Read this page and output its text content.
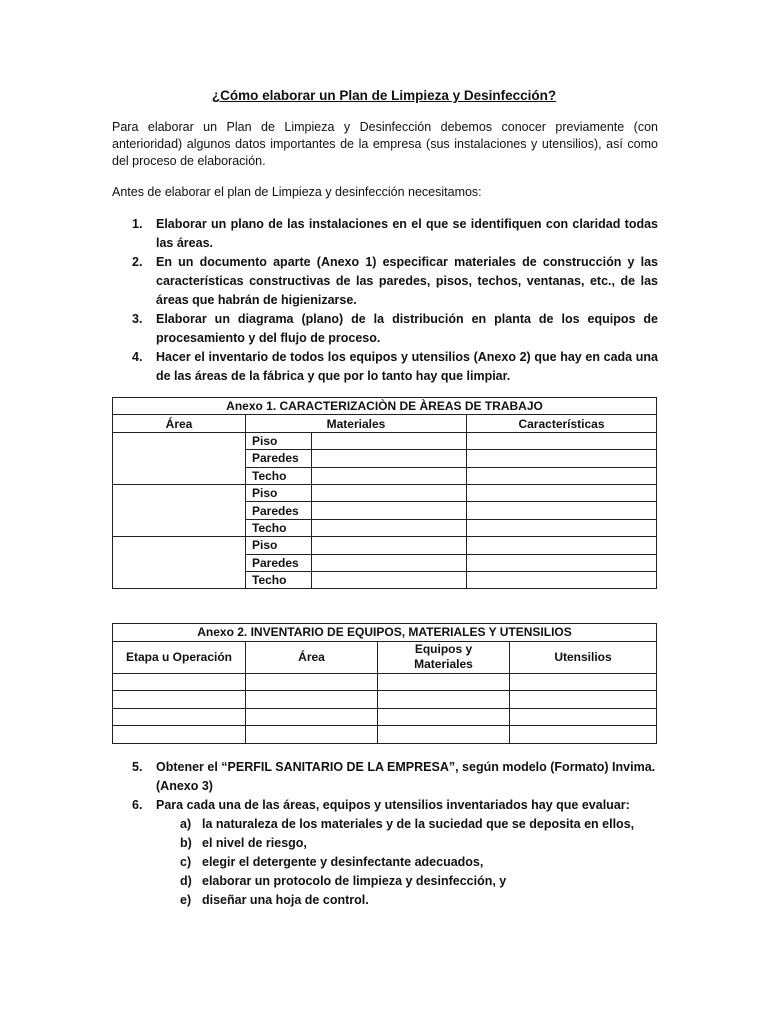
¿Cómo elaborar un Plan de Limpieza y Desinfección?

Para elaborar un Plan de Limpieza y Desinfección debemos conocer previamente (con anterioridad) algunos datos importantes de la empresa (sus instalaciones y utensilios), así como del proceso de elaboración.

Antes de elaborar el plan de Limpieza y desinfección necesitamos:

1. Elaborar un plano de las instalaciones en el que se identifiquen con claridad todas las áreas.
2. En un documento aparte (Anexo 1) especificar materiales de construcción y las características constructivas de las paredes, pisos, techos, ventanas, etc., de las áreas que habrán de higienizarse.
3. Elaborar un diagrama (plano) de la distribución en planta de los equipos de procesamiento y del flujo de proceso.
4. Hacer el inventario de todos los equipos y utensilios (Anexo 2) que hay en cada una de las áreas de la fábrica y que por lo tanto hay que limpiar.
Anexo 1. CARACTERIZACIÒN DE ÀREAS DE TRABAJO			
Área	Materiales		Características
	Piso		
	Paredes		
	Techo		
	Piso		
	Paredes		
	Techo		
	Piso		
	Paredes		
	Techo		
Anexo 2. INVENTARIO DE EQUIPOS, MATERIALES Y UTENSILIOS			
Etapa u Operación	Área	Equipos y Materiales	Utensilios

5. Obtener el “PERFIL SANITARIO DE LA EMPRESA”, según modelo (Formato) Invima. (Anexo 3)
6. Para cada una de las áreas, equipos y utensilios inventariados hay que evaluar:
a) la naturaleza de los materiales y de la suciedad que se deposita en ellos,
b) el nivel de riesgo,
c) elegir el detergente y desinfectante adecuados,
d) elaborar un protocolo de limpieza y desinfección, y
e) diseñar una hoja de control.
